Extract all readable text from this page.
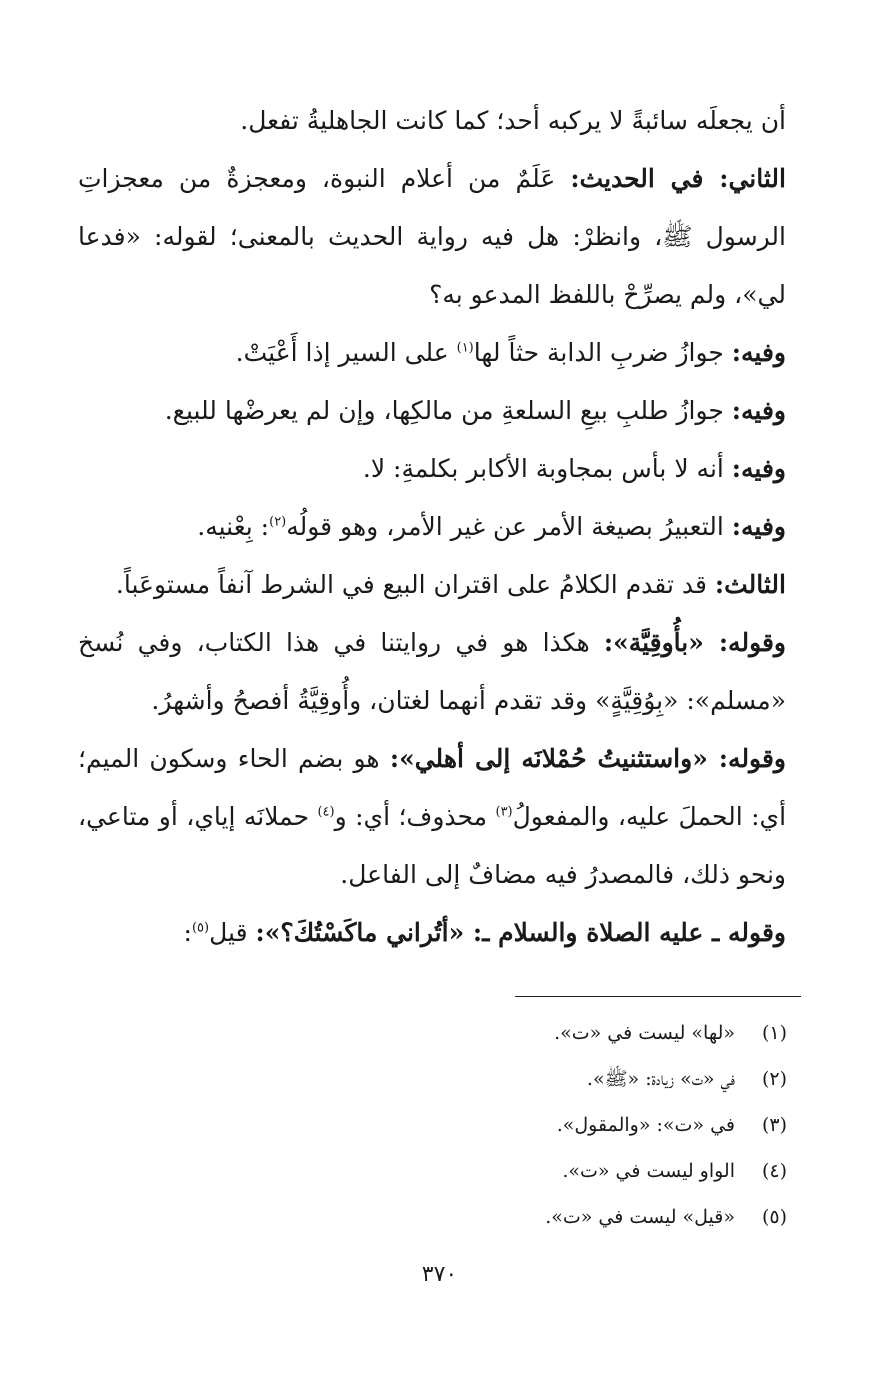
أن يجعلَه سائبةً لا يركبه أحد؛ كما كانت الجاهليةُ تفعل.

الثاني: في الحديث: عَلَمٌ من أعلام النبوة، ومعجزةٌ من معجزاتِ الرسول ﷺ، وانظرْ: هل فيه رواية الحديث بالمعنى؛ لقوله: «فدعا لي»، ولم يصرِّحْ باللفظ المدعو به؟

وفيه: جوازُ ضربِ الدابة حثاً لها$^{(١)}$ على السير إذا أَعْيَتْ.

وفيه: جوازُ طلبِ بيعِ السلعةِ من مالكِها، وإن لم يعرضْها للبيع.

وفيه: أنه لا بأس بمجاوبة الأكابر بكلمةِ: لا.

وفيه: التعبيرُ بصيغة الأمر عن غير الأمر، وهو قولُه$^{(٢)}$: بِعْنيه.

الثالث: قد تقدم الكلامُ على اقتران البيع في الشرط آنفاً مستوعَباً.

وقوله: «بأُوقِيَّة»: هكذا هو في روايتنا في هذا الكتاب، وفي نُسخ «مسلم»: «بِوُقِيَّةٍ» وقد تقدم أنهما لغتان، وأُوقِيَّةُ أفصحُ وأشهرُ.

وقوله: «واستثنيتُ حُمْلانَه إلى أهلي»: هو بضم الحاء وسكون الميم؛ أي: الحملَ عليه، والمفعولُ$^{(٣)}$ محذوف؛ أي: و$^{(٤)}$ حملانَه إياي، أو متاعي، ونحو ذلك، فالمصدرُ فيه مضافٌ إلى الفاعل.

وقوله ـ عليه الصلاة والسلام ـ: «أتُراني ماكَسْتُكَ؟»: قيل$^{(٥)}$:

(١)
«لها» ليست في «ت».
(٢)
في «ت» زيادة: «ﷺ».
(٣)
في «ت»: «والمقول».
(٤)
الواو ليست في «ت».
(٥)
«قيل» ليست في «ت».
٣٧٠
